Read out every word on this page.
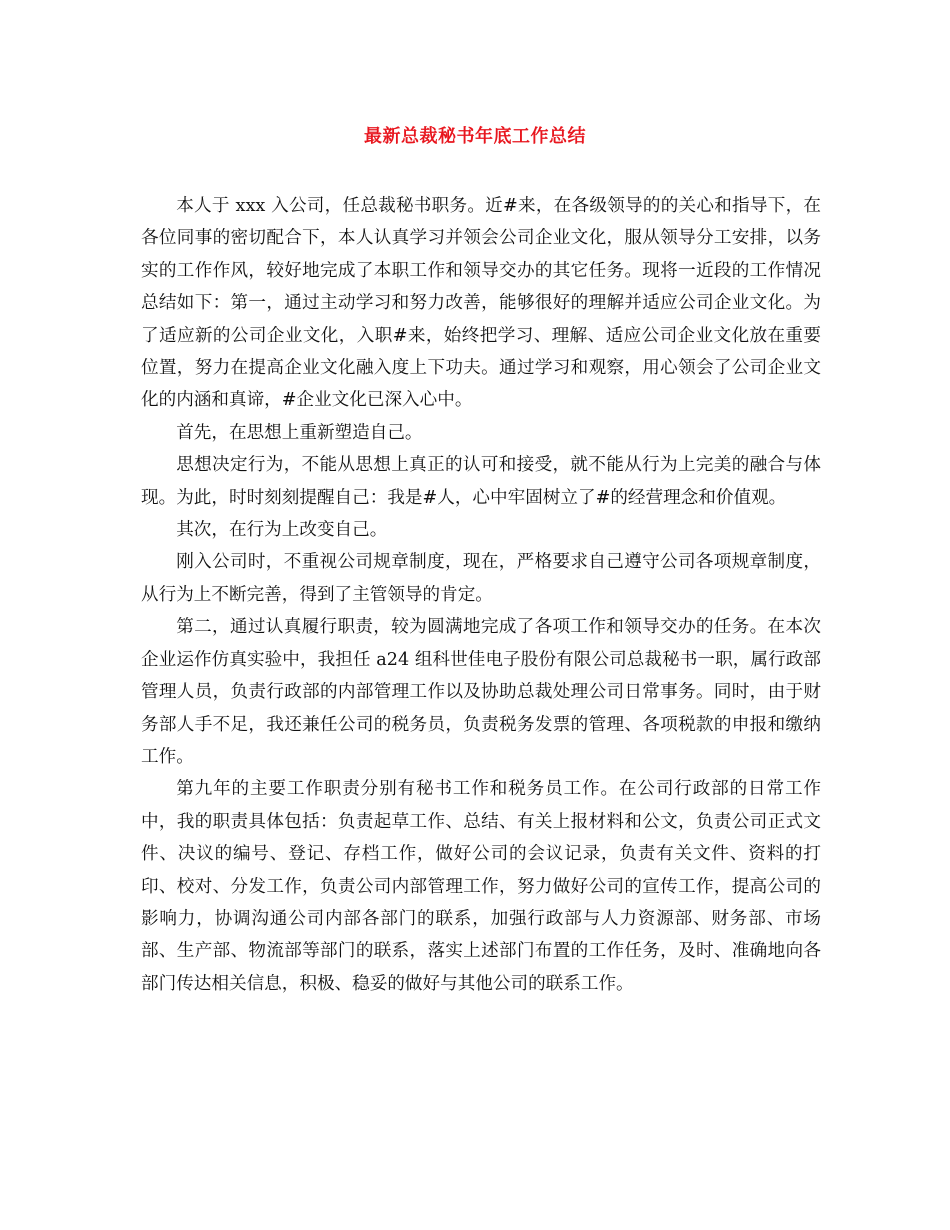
最新总裁秘书年底工作总结

本人于 xxx 入公司，任总裁秘书职务。近#来，在各级领导的的关心和指导下，在各位同事的密切配合下，本人认真学习并领会公司企业文化，服从领导分工安排，以务实的工作作风，较好地完成了本职工作和领导交办的其它任务。现将一近段的工作情况总结如下：第一，通过主动学习和努力改善，能够很好的理解并适应公司企业文化。为了适应新的公司企业文化，入职#来，始终把学习、理解、适应公司企业文化放在重要位置，努力在提高企业文化融入度上下功夫。通过学习和观察，用心领会了公司企业文化的内涵和真谛，#企业文化已深入心中。

首先，在思想上重新塑造自己。

思想决定行为，不能从思想上真正的认可和接受，就不能从行为上完美的融合与体现。为此，时时刻刻提醒自己：我是#人，心中牢固树立了#的经营理念和价值观。

其次，在行为上改变自己。

刚入公司时，不重视公司规章制度，现在，严格要求自己遵守公司各项规章制度，从行为上不断完善，得到了主管领导的肯定。

第二，通过认真履行职责，较为圆满地完成了各项工作和领导交办的任务。在本次企业运作仿真实验中，我担任 a24 组科世佳电子股份有限公司总裁秘书一职，属行政部管理人员，负责行政部的内部管理工作以及协助总裁处理公司日常事务。同时，由于财务部人手不足，我还兼任公司的税务员，负责税务发票的管理、各项税款的申报和缴纳工作。

第九年的主要工作职责分别有秘书工作和税务员工作。在公司行政部的日常工作中，我的职责具体包括：负责起草工作、总结、有关上报材料和公文，负责公司正式文件、决议的编号、登记、存档工作，做好公司的会议记录，负责有关文件、资料的打印、校对、分发工作，负责公司内部管理工作，努力做好公司的宣传工作，提高公司的影响力，协调沟通公司内部各部门的联系，加强行政部与人力资源部、财务部、市场部、生产部、物流部等部门的联系，落实上述部门布置的工作任务，及时、准确地向各部门传达相关信息，积极、稳妥的做好与其他公司的联系工作。
